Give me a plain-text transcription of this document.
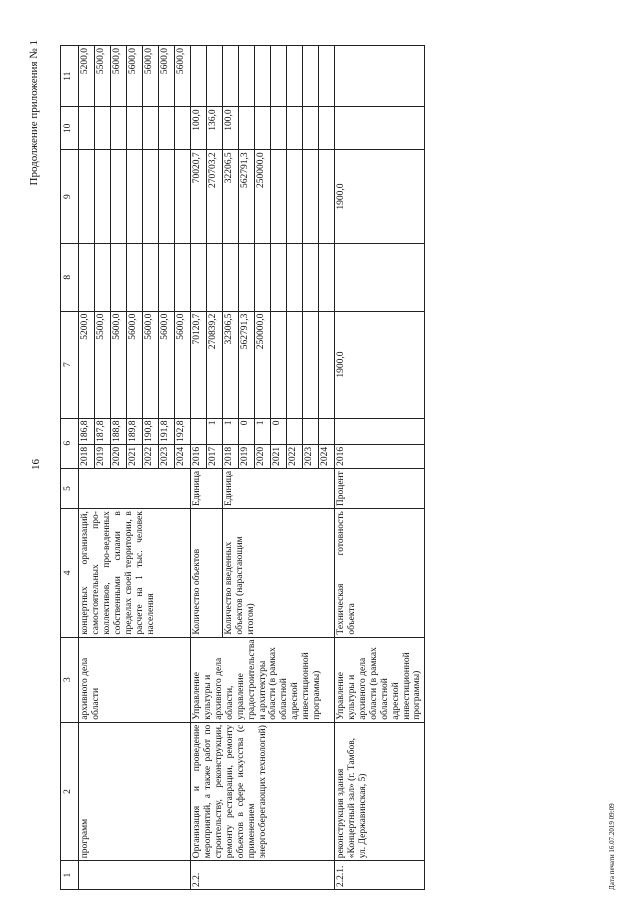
16
Продолжение приложения № 1
1	2	3	4	5	6		7	8	9	10	11
	программ	архивного дела области	концертных организаций, самостоятельных про-коллективов, про-веденных собственными силами в пределах своей территории, в расчете на 1 тыс. человек населения		2018	186,8	5200,0				5200,0
					2019	187,8	5500,0				5500,0
					2020	188,8	5600,0				5600,0
					2021	189,8	5600,0				5600,0
					2022	190,8	5600,0				5600,0
					2023	191,8	5600,0				5600,0
					2024	192,8	5600,0				5600,0
2.2.	Организация и проведение мероприятий, а также работ по строительству, реконструкции, ремонту реставрации, ремонту объектов в сфере искусства (с применением энергосберегающих технологий)	Управление культуры и архивного дела области, управление градостроительства и архитектуры области (в рамках областной адресной инвестиционной программы)	Количество объектов	Единица	2016		70120,7		70020,7	100,0	
					2017	1	270839,2		270703,2	136,0	
			Количество введенных объектов (нарастающим итогом)	Единица	2018	1	32306,5		32206,5	100,0	
					2019	0	562791,3		562791,3		
					2020	1	250000,0		250000,0		
					2021	0					
					2022						
					2023						
					2024						
2.2.1.	реконструкция здания «Концертный зал» (г. Тамбов, ул. Державинская, 5)	Управление культуры и архивного дела области (в рамках областной адресной инвестиционной программы)	Техническая готовность объекта	Процент	2016		1900,0		1900,0		
Дата печати 16.07.2019 09:09
